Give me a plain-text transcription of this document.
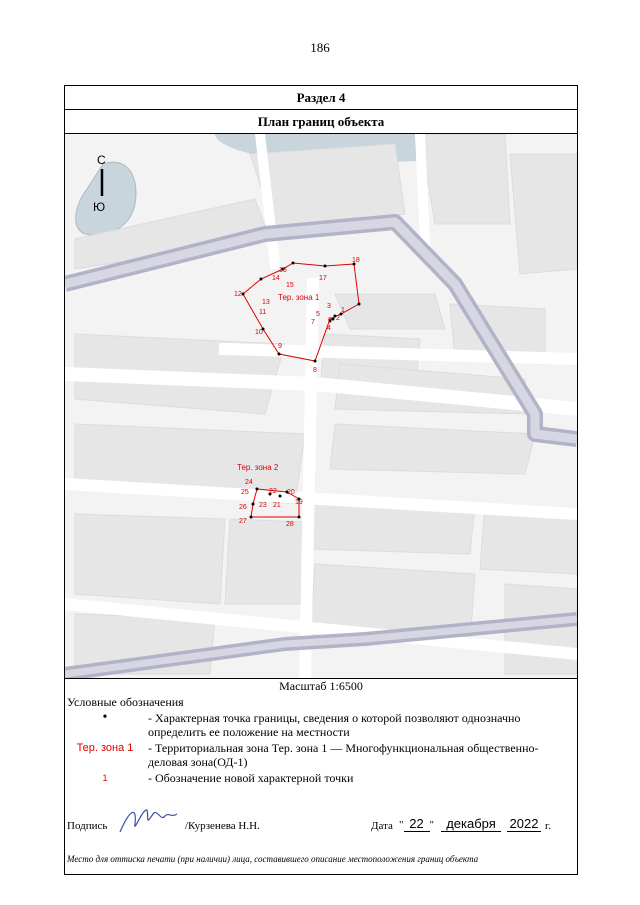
186
Раздел 4
План границ объекта
С
Ю
Тер. зона 1
Тер. зона 2
1
2
3
4
5
6
7
8
9
10
11
12
13
14
15
16
17
18
19
20
21
22
23
24
25
26
27	28
Масштаб 1:6500
Условные обозначения
•	- Характерная точка границы, сведения о которой позволяют однозначно определить ее положение на местности
Тер. зона 1	- Территориальная зона Тер. зона 1 — Многофункциональная общественно-деловая зона(ОД-1)
1	- Обозначение новой характерной точки
Подпись	/Курзенева Н.Н.	Дата " 22 " декабря	2022 г.
Место для оттиска печати (при наличии) лица, составившего описание местоположения границ объекта
